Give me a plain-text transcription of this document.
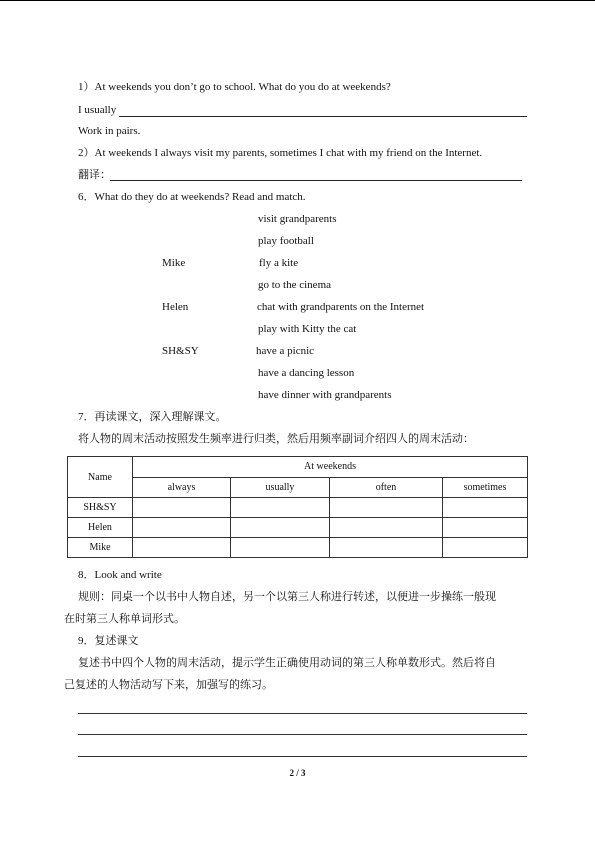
1）At weekends you don’t go to school. What do you do at weekends?
I usually
Work in pairs.
2）At weekends I always visit my parents, sometimes I chat with my friend on the Internet.
翻译：
6．What do they do at weekends? Read and match.
visit grandparents
play football
Mike	fly a kite
go to the cinema
Helen	chat with grandparents on the Internet
play with Kitty the cat
SH&SY	have a picnic
have a dancing lesson
have dinner with grandparents
7．再读课文，深入理解课文。
将人物的周末活动按照发生频率进行归类，然后用频率副词介绍四人的周末活动：
Name	At weekends			
	always	usually	often	sometimes
SH&SY				
Helen				
Mike				
8．Look and write
规则：同桌一个以书中人物自述，另一个以第三人称进行转述，以便进一步操练一般现
在时第三人称单词形式。
9．复述课文
复述书中四个人物的周末活动，提示学生正确使用动词的第三人称单数形式。然后将自
己复述的人物活动写下来，加强写的练习。
2 / 3
